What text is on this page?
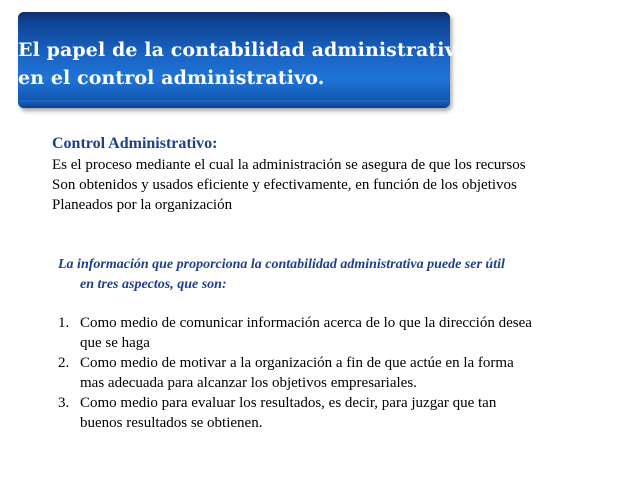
El papel de la contabilidad administrativa
en el control administrativo.
Control Administrativo:
Es el proceso mediante el cual la administración se asegura de que los recursos
Son obtenidos y usados eficiente y efectivamente, en función de los objetivos
Planeados por la organización
La información que proporciona la contabilidad administrativa puede ser útil
en tres aspectos, que son:
1. Como medio de comunicar información acerca de lo que la dirección desea
que se haga
2. Como medio de motivar a la organización a fin de que actúe en la forma
mas adecuada para alcanzar los objetivos empresariales.
3. Como medio para evaluar los resultados, es decir, para juzgar que tan
buenos resultados se obtienen.
